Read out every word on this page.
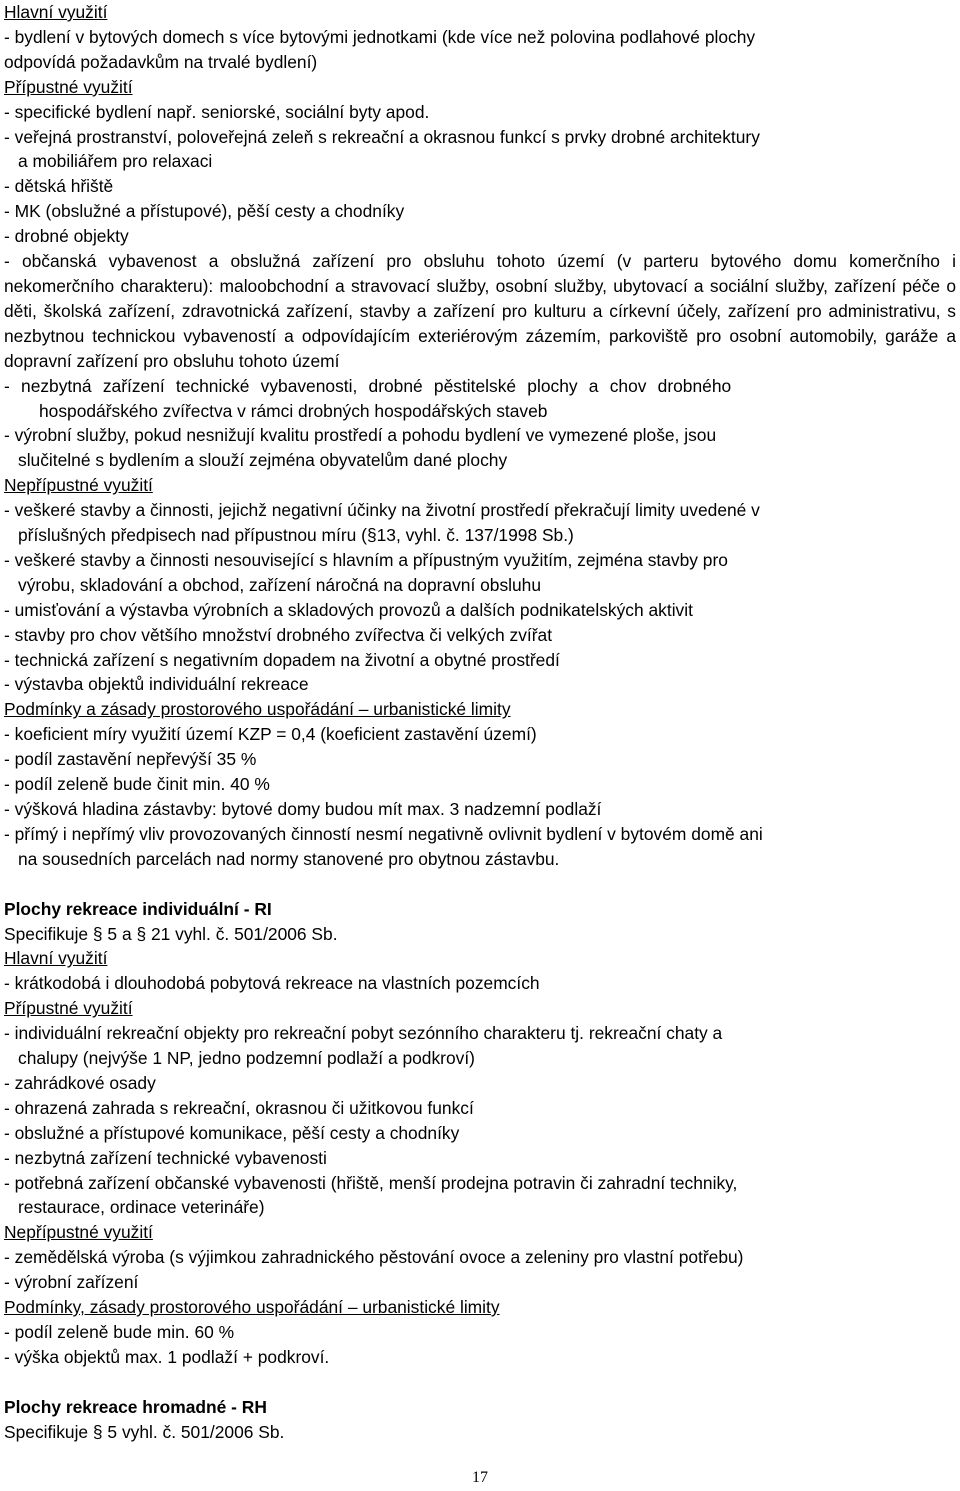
Hlavní využití
- bydlení v bytových domech s více bytovými jednotkami (kde více než polovina podlahové plochy
odpovídá požadavkům na trvalé bydlení)
Přípustné využití
- specifické bydlení např. seniorské, sociální byty apod.
- veřejná prostranství, poloveřejná zeleň s rekreační a okrasnou funkcí s prvky drobné architektury
a mobiliářem pro relaxaci
- dětská hřiště
- MK (obslužné a přístupové), pěší cesty a chodníky
- drobné objekty
- občanská vybavenost a obslužná zařízení pro obsluhu tohoto území (v parteru bytového domu komerčního i nekomerčního charakteru): maloobchodní a stravovací služby, osobní služby, ubytovací a sociální služby, zařízení péče o děti, školská zařízení, zdravotnická zařízení, stavby a zařízení pro kulturu a církevní účely, zařízení pro administrativu, s nezbytnou technickou vybaveností a odpovídajícím exteriérovým zázemím, parkoviště pro osobní automobily, garáže a dopravní zařízení pro obsluhu tohoto území
- nezbytná zařízení technické vybavenosti, drobné pěstitelské plochy a chov drobného
hospodářského zvířectva v rámci drobných hospodářských staveb
- výrobní služby, pokud nesnižují kvalitu prostředí a pohodu bydlení ve vymezené ploše, jsou
slučitelné s bydlením a slouží zejména obyvatelům dané plochy
Nepřípustné využití
- veškeré stavby a činnosti, jejichž negativní účinky na životní prostředí překračují limity uvedené v
příslušných předpisech nad přípustnou míru (§13, vyhl. č. 137/1998 Sb.)
- veškeré stavby a činnosti nesouvisející s hlavním a přípustným využitím, zejména stavby pro
výrobu, skladování a obchod, zařízení náročná na dopravní obsluhu
- umisťování a výstavba výrobních a skladových provozů a dalších podnikatelských aktivit
- stavby pro chov většího množství drobného zvířectva či velkých zvířat
- technická zařízení s negativním dopadem na životní a obytné prostředí
- výstavba objektů individuální rekreace
Podmínky a zásady prostorového uspořádání – urbanistické limity
- koeficient míry využití území KZP = 0,4 (koeficient zastavění území)
- podíl zastavění nepřevýší 35 %
- podíl zeleně bude činit min. 40 %
- výšková hladina zástavby: bytové domy budou mít max. 3 nadzemní podlaží
- přímý i nepřímý vliv provozovaných činností nesmí negativně ovlivnit bydlení v bytovém domě ani
na sousedních parcelách nad normy stanovené pro obytnou zástavbu.
Plochy rekreace individuální - RI
Specifikuje § 5 a § 21 vyhl. č. 501/2006 Sb.
Hlavní využití
- krátkodobá i dlouhodobá pobytová rekreace na vlastních pozemcích
Přípustné využití
- individuální rekreační objekty pro rekreační pobyt sezónního charakteru tj. rekreační chaty a
chalupy (nejvýše 1 NP, jedno podzemní podlaží a podkroví)
- zahrádkové osady
- ohrazená zahrada s rekreační, okrasnou či užitkovou funkcí
- obslužné a přístupové komunikace, pěší cesty a chodníky
- nezbytná zařízení technické vybavenosti
- potřebná zařízení občanské vybavenosti (hřiště, menší prodejna potravin či zahradní techniky,
restaurace, ordinace veterináře)
Nepřípustné využití
- zemědělská výroba (s výjimkou zahradnického pěstování ovoce a zeleniny pro vlastní potřebu)
- výrobní zařízení
Podmínky, zásady prostorového uspořádání – urbanistické limity
- podíl zeleně bude min. 60 %
- výška objektů max. 1 podlaží + podkroví.
Plochy rekreace hromadné - RH
Specifikuje § 5 vyhl. č. 501/2006 Sb.
17
